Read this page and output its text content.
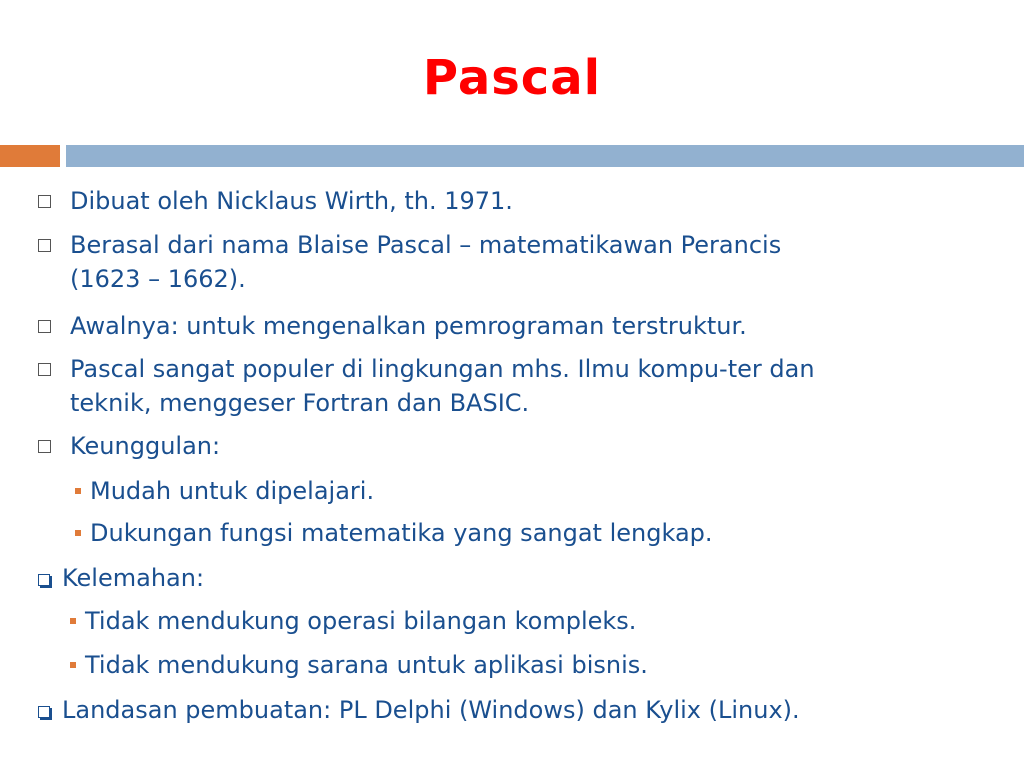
Pascal
Dibuat oleh Nicklaus Wirth, th. 1971.
Berasal dari nama Blaise Pascal – matematikawan Perancis
(1623 – 1662).
Awalnya: untuk mengenalkan pemrograman terstruktur.
Pascal sangat populer di lingkungan mhs. Ilmu kompu-ter dan
teknik, menggeser Fortran dan BASIC.
Keunggulan:
Mudah untuk dipelajari.
Dukungan fungsi matematika yang sangat lengkap.
Kelemahan:
Tidak mendukung operasi bilangan kompleks.
Tidak mendukung sarana untuk aplikasi bisnis.
Landasan pembuatan: PL Delphi (Windows) dan Kylix (Linux).
